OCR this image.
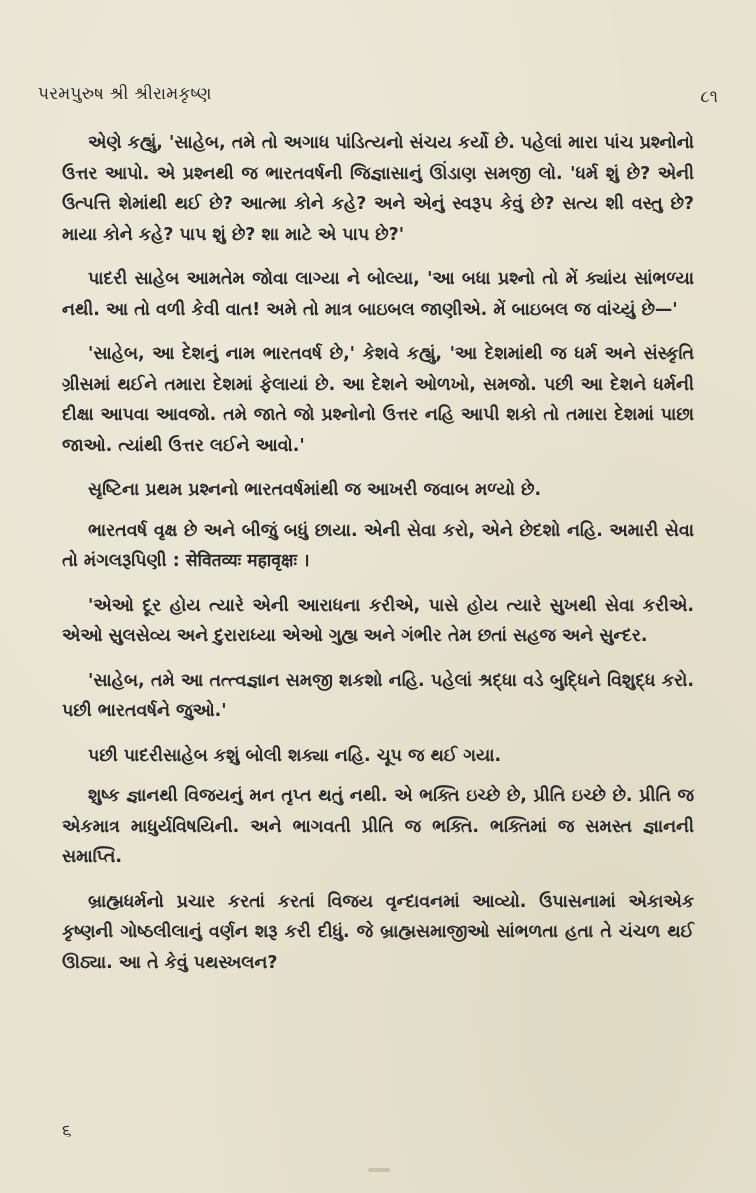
પરમપુરુષ શ્રી શ્રીરામકૃષ્ણ	૮૧

એણે કહ્યું, 'સાહેબ, તમે તો અગાધ પાંડિત્યનો સંચય કર્યો છે. પહેલાં મારા પાંચ પ્રશ્નોનો ઉત્તર આપો. એ પ્રશ્નથી જ ભારતવર્ષની જિજ્ઞાસાનું ઊંડાણ સમજી લો. 'ધર્મ શું છે? એની ઉત્પત્તિ શેમાંથી થઈ છે? આત્મા કોને કહે? અને એનું સ્વરૂપ કેવું છે? સત્ય શી વસ્તુ છે? માયા કોને કહે? પાપ શું છે? શા માટે એ પાપ છે?'

પાદરી સાહેબ આમતેમ જોવા લાગ્યા ને બોલ્યા, 'આ બધા પ્રશ્નો તો મેં ક્યાંય સાંભળ્યા નથી. આ તો વળી કેવી વાત! અમે તો માત્ર બાઇબલ જાણીએ. મેં બાઇબલ જ વાંચ્યું છે—'

'સાહેબ, આ દેશનું નામ ભારતવર્ષ છે,' કેશવે કહ્યું, 'આ દેશમાંથી જ ધર્મ અને સંસ્કૃતિ ગ્રીસમાં થઈને તમારા દેશમાં ફેલાયાં છે. આ દેશને ઓળખો, સમજો. પછી આ દેશને ધર્મની દીક્ષા આપવા આવજો. તમે જાતે જો પ્રશ્નોનો ઉત્તર નહિ આપી શકો તો તમારા દેશમાં પાછા જાઓ. ત્યાંથી ઉત્તર લઈને આવો.'

સૃષ્ટિના પ્રથમ પ્રશ્નનો ભારતવર્ષમાંથી જ આખરી જવાબ મળ્યો છે.

ભારતવર્ષ વૃક્ષ છે અને બીજું બધું છાયા. એની સેવા કરો, એને છેદશો નહિ. અમારી સેવા તો મંગલરૂપિણી : सेवितव्यः महावृक्षः ।

'એઓ દૂર હોય ત્યારે એની આરાધના કરીએ, પાસે હોય ત્યારે સુખથી સેવા કરીએ. એઓ સુલસેવ્ય અને દુરારાધ્ય। એઓ ગુહ્ય અને ગંભીર તેમ છતાં સહજ અને સુન્દર.

'સાહેબ, તમે આ તત્ત્વજ્ઞાન સમજી શકશો નહિ. પહેલાં શ્રદ્ધા વડે બુદ્ધિને વિશુદ્ધ કરો. પછી ભારતવર્ષને જુઓ.'

પછી પાદરીસાહેબ કશું બોલી શક્યા નહિ. ચૂપ જ થઈ ગયા.

શુષ્ક જ્ઞાનથી વિજયનું મન તૃપ્ત થતું નથી. એ ભક્તિ ઇચ્છે છે, પ્રીતિ ઇચ્છે છે. પ્રીતિ જ એકમાત્ર માધુર્યવિષયિની. અને ભાગવતી પ્રીતિ જ ભક્તિ. ભક્તિમાં જ સમસ્ત જ્ઞાનની સમાપ્તિ.

બ્રાહ્મધર્મનો પ્રચાર કરતાં કરતાં વિજય વૃન્દાવનમાં આવ્યો. ઉપાસનામાં એકાએક કૃષ્ણની ગોષ્ઠલીલાનું વર્ણન શરૂ કરી દીધું. જે બ્રાહ્મસમાજીઓ સાંભળતા હતા તે ચંચળ થઈ ઊઠ્યા. આ તે કેવું પથસ્ખલન?

૬
